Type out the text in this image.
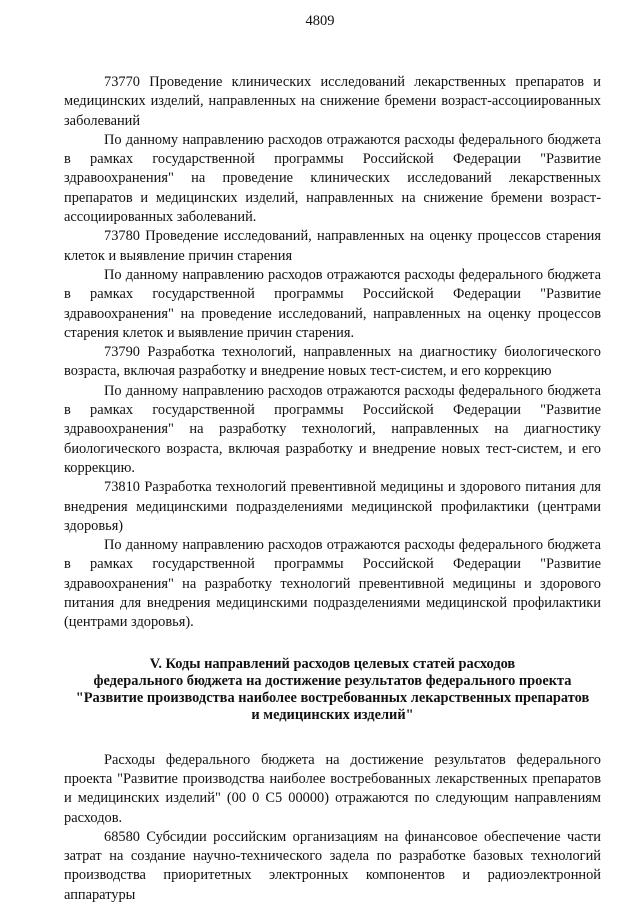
4809

73770 Проведение клинических исследований лекарственных препаратов и медицинских изделий, направленных на снижение бремени возраст-ассоциированных заболеваний

По данному направлению расходов отражаются расходы федерального бюджета в рамках государственной программы Российской Федерации "Развитие здравоохранения" на проведение клинических исследований лекарственных препаратов и медицинских изделий, направленных на снижение бремени возраст-ассоциированных заболеваний.

73780 Проведение исследований, направленных на оценку процессов старения клеток и выявление причин старения

По данному направлению расходов отражаются расходы федерального бюджета в рамках государственной программы Российской Федерации "Развитие здравоохранения" на проведение исследований, направленных на оценку процессов старения клеток и выявление причин старения.

73790 Разработка технологий, направленных на диагностику биологического возраста, включая разработку и внедрение новых тест-систем, и его коррекцию

По данному направлению расходов отражаются расходы федерального бюджета в рамках государственной программы Российской Федерации "Развитие здравоохранения" на разработку технологий, направленных на диагностику биологического возраста, включая разработку и внедрение новых тест-систем, и его коррекцию.

73810 Разработка технологий превентивной медицины и здорового питания для внедрения медицинскими подразделениями медицинской профилактики (центрами здоровья)

По данному направлению расходов отражаются расходы федерального бюджета в рамках государственной программы Российской Федерации "Развитие здравоохранения" на разработку технологий превентивной медицины и здорового питания для внедрения медицинскими подразделениями медицинской профилактики (центрами здоровья).

V. Коды направлений расходов целевых статей расходов
федерального бюджета на достижение результатов федерального проекта
"Развитие производства наиболее востребованных лекарственных препаратов
и медицинских изделий"

Расходы федерального бюджета на достижение результатов федерального проекта "Развитие производства наиболее востребованных лекарственных препаратов и медицинских изделий" (00 0 С5 00000) отражаются по следующим направлениям расходов.

68580 Субсидии российским организациям на финансовое обеспечение части затрат на создание научно-технического задела по разработке базовых технологий производства приоритетных электронных компонентов и радиоэлектронной аппаратуры
